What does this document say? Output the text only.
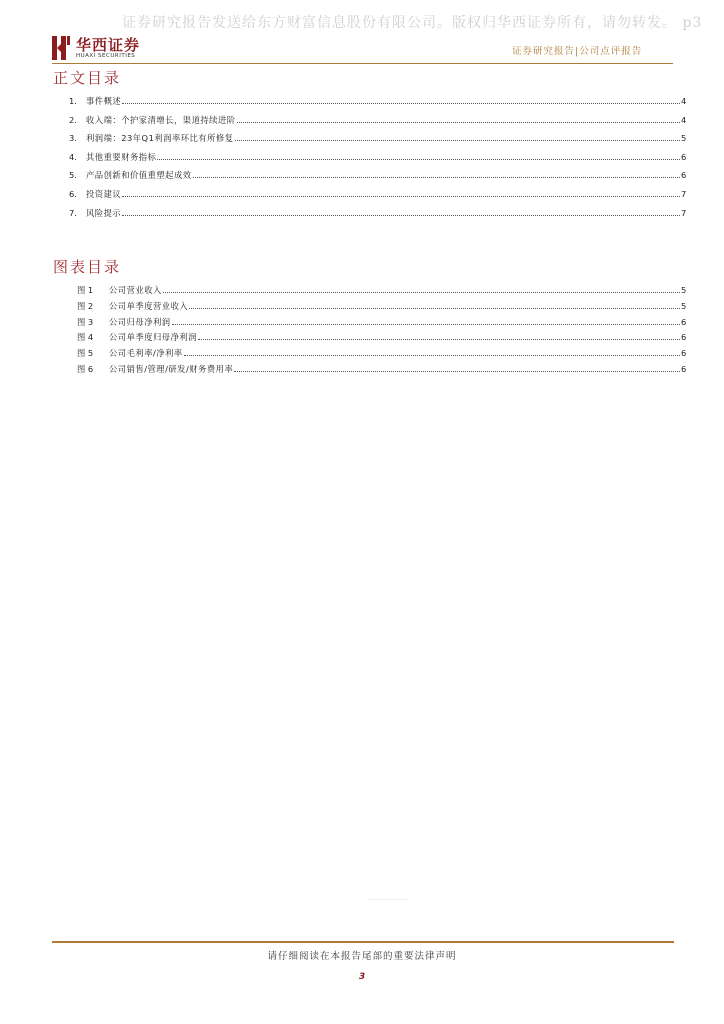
证券研究报告发送给东方财富信息股份有限公司。版权归华西证券所有，请勿转发。 p3
华西证券
HUAXI SECURITIES	证券研究报告|公司点评报告
正文目录
1.	事件概述	4
2.	收入端：个护家清增长，渠道持续进阶	4
3.	利润端：23年Q1利润率环比有所修复	5
4.	其他重要财务指标	6
5.	产品创新和价值重塑起成效	6
6.	投资建议	7
7.	风险提示	7
图表目录
图 1	公司营业收入	5
图 2	公司单季度营业收入	5
图 3	公司归母净利润	6
图 4	公司单季度归母净利润	6
图 5	公司毛利率/净利率	6
图 6	公司销售/管理/研发/财务费用率	6
请仔细阅读在本报告尾部的重要法律声明
3
